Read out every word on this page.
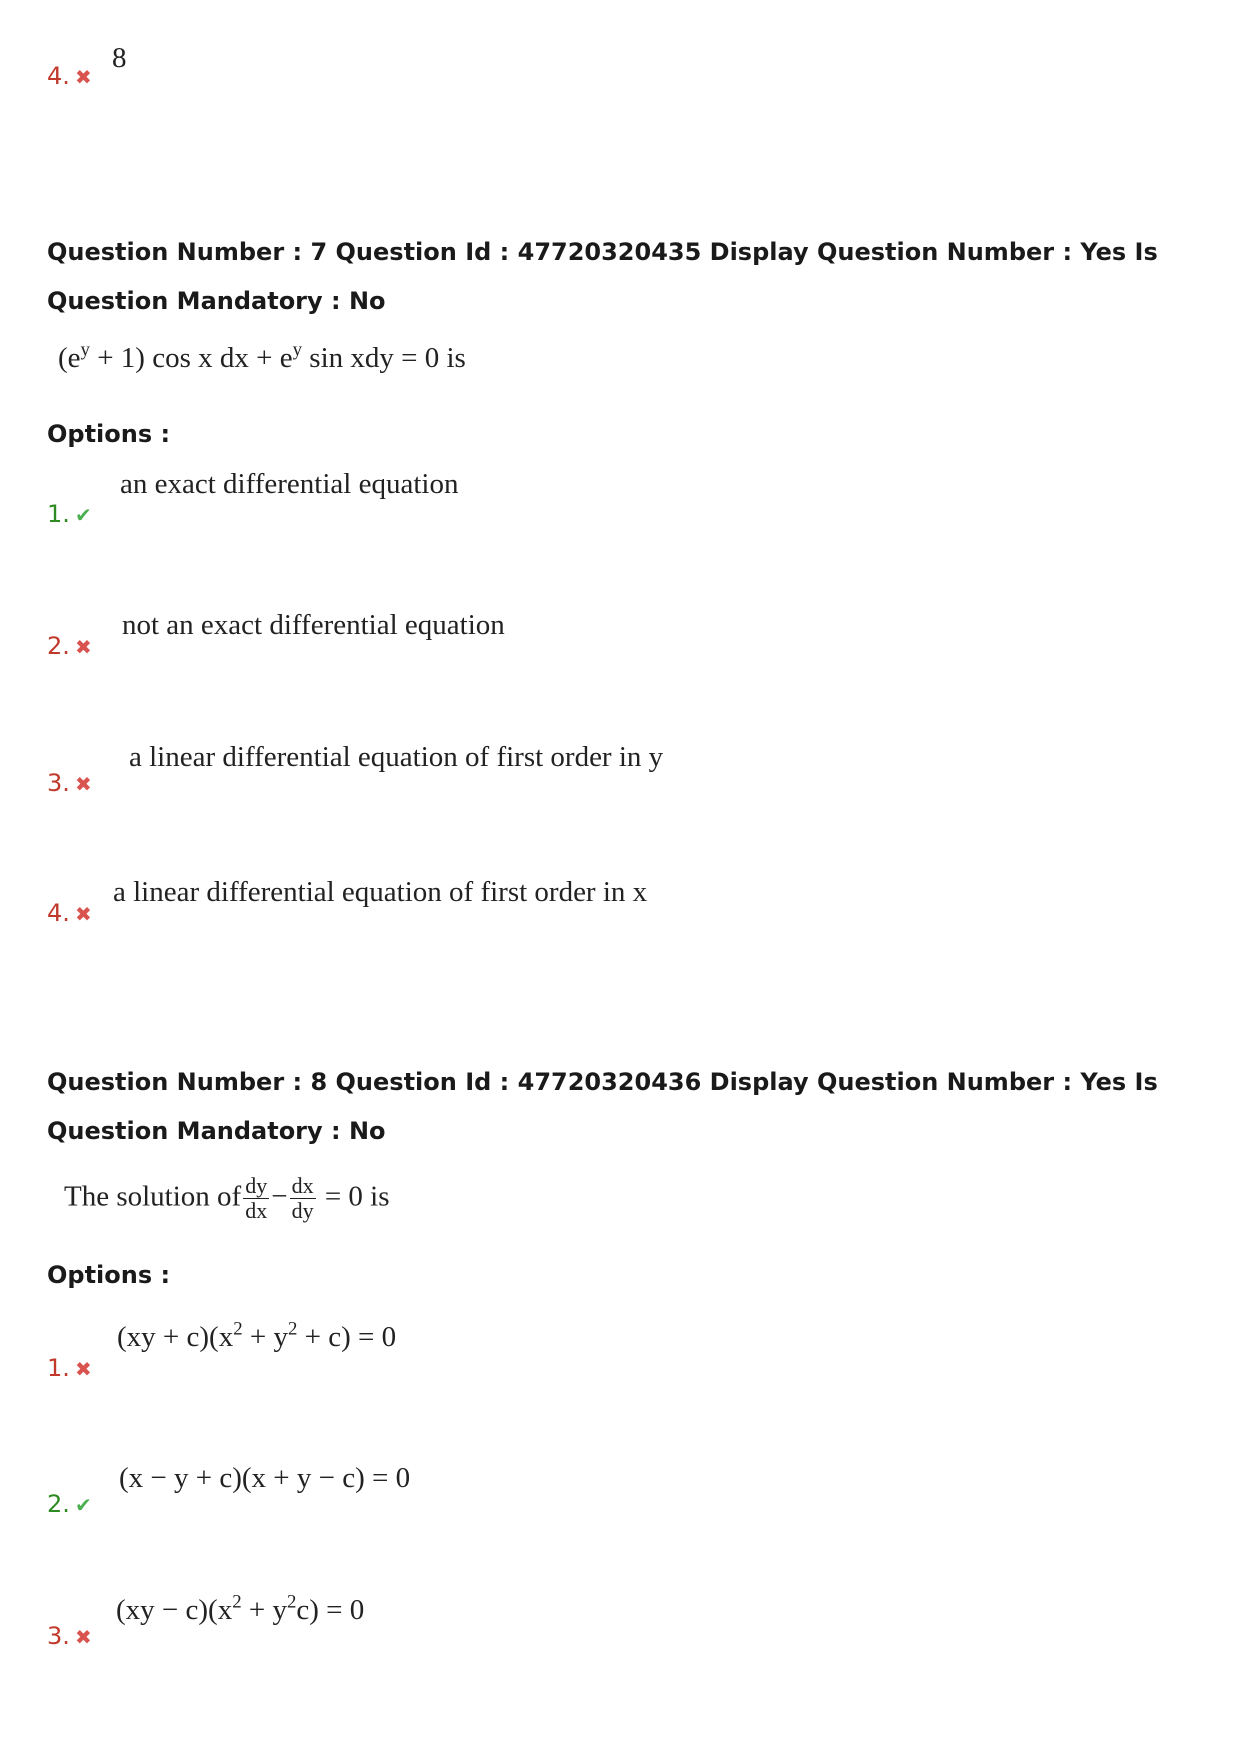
4. ✖
8
Question Number : 7 Question Id : 47720320435 Display Question Number : Yes Is Question Mandatory : No
$(e^y + 1)$ cos x dx + $e^y$ sin xdy = 0 is
Options :
1. ✔
an exact differential equation
2. ✖
not an exact differential equation
3. ✖
a linear differential equation of first order in y
4. ✖
a linear differential equation of first order in x
Question Number : 8 Question Id : 47720320436 Display Question Number : Yes Is Question Mandatory : No
The solution of $\frac{dy}{dx} - \frac{dx}{dy} = 0$ is
Options :
1. ✖
$(xy + c)(x^2 + y^2 + c) = 0$
2. ✔
(x − y + c)(x + y − c) = 0
3. ✖
$(xy - c)(x^2 + y^2c) = 0$
